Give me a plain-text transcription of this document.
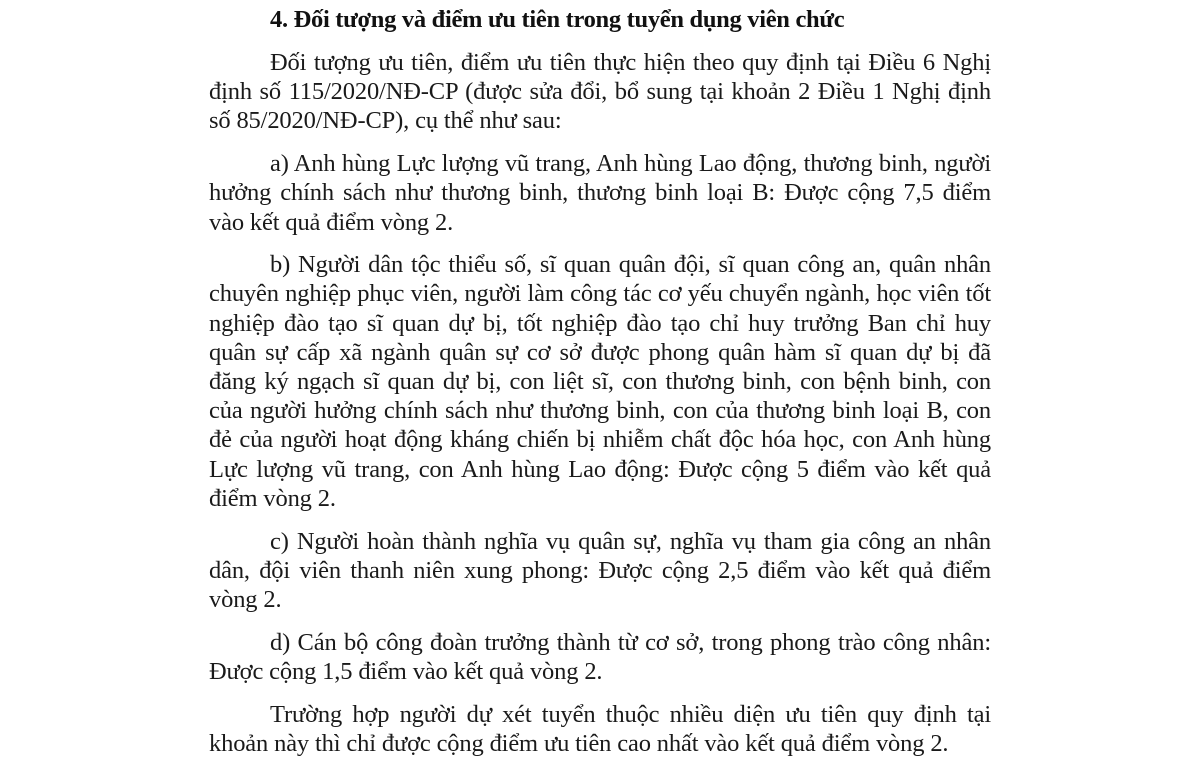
4. Đối tượng và điểm ưu tiên trong tuyển dụng viên chức

Đối tượng ưu tiên, điểm ưu tiên thực hiện theo quy định tại Điều 6 Nghị định số 115/2020/NĐ-CP (được sửa đổi, bổ sung tại khoản 2 Điều 1 Nghị định số 85/2020/NĐ-CP), cụ thể như sau:

a) Anh hùng Lực lượng vũ trang, Anh hùng Lao động, thương binh, người hưởng chính sách như thương binh, thương binh loại B: Được cộng 7,5 điểm vào kết quả điểm vòng 2.

b) Người dân tộc thiểu số, sĩ quan quân đội, sĩ quan công an, quân nhân chuyên nghiệp phục viên, người làm công tác cơ yếu chuyển ngành, học viên tốt nghiệp đào tạo sĩ quan dự bị, tốt nghiệp đào tạo chỉ huy trưởng Ban chỉ huy quân sự cấp xã ngành quân sự cơ sở được phong quân hàm sĩ quan dự bị đã đăng ký ngạch sĩ quan dự bị, con liệt sĩ, con thương binh, con bệnh binh, con của người hưởng chính sách như thương binh, con của thương binh loại B, con đẻ của người hoạt động kháng chiến bị nhiễm chất độc hóa học, con Anh hùng Lực lượng vũ trang, con Anh hùng Lao động: Được cộng 5 điểm vào kết quả điểm vòng 2.

c) Người hoàn thành nghĩa vụ quân sự, nghĩa vụ tham gia công an nhân dân, đội viên thanh niên xung phong: Được cộng 2,5 điểm vào kết quả điểm vòng 2.

d) Cán bộ công đoàn trưởng thành từ cơ sở, trong phong trào công nhân: Được cộng 1,5 điểm vào kết quả vòng 2.

Trường hợp người dự xét tuyển thuộc nhiều diện ưu tiên quy định tại khoản này thì chỉ được cộng điểm ưu tiên cao nhất vào kết quả điểm vòng 2.
